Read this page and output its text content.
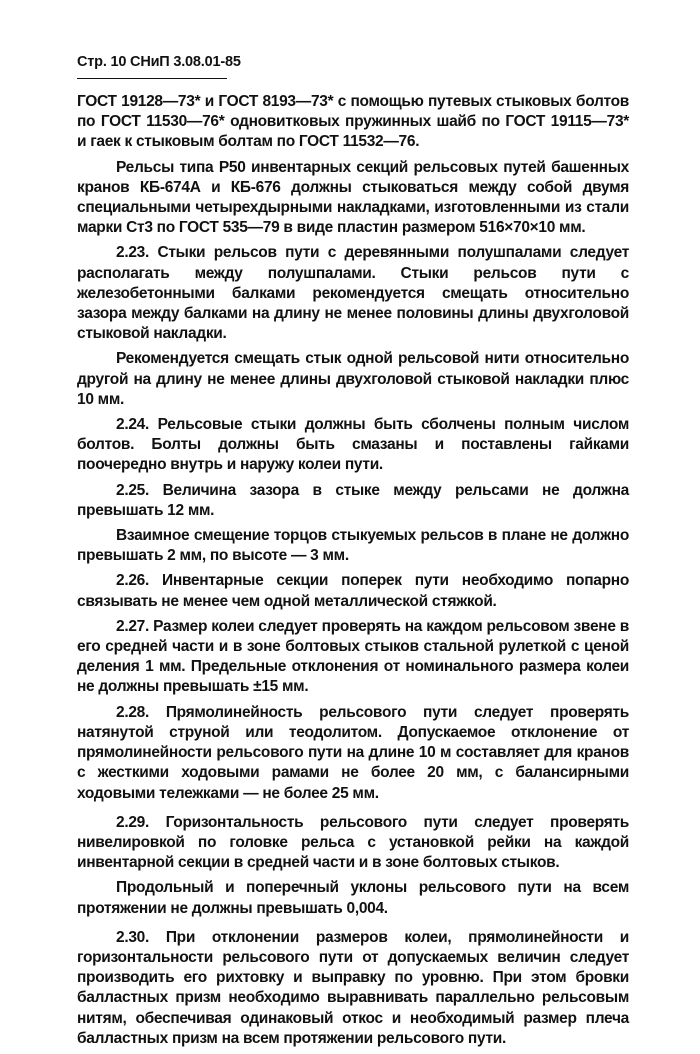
Стр. 10 СНиП 3.08.01-85

ГОСТ 19128—73* и ГОСТ 8193—73* с помощью путевых стыковых болтов по ГОСТ 11530—76* одновитковых пружинных шайб по ГОСТ 19115—73* и гаек к стыковым болтам по ГОСТ 11532—76.

Рельсы типа Р50 инвентарных секций рельсовых путей башенных кранов КБ-674А и КБ-676 должны стыковаться между собой двумя специальными четырехдырными накладками, изготовленными из стали марки Ст3 по ГОСТ 535—79 в виде пластин размером 516×70×10 мм.

2.23. Стыки рельсов пути с деревянными полушпалами следует располагать между полушпалами. Стыки рельсов пути с железобетонными балками рекомендуется смещать относительно зазора между балками на длину не менее половины длины двухголовой стыковой накладки.

Рекомендуется смещать стык одной рельсовой нити относительно другой на длину не менее длины двухголовой стыковой накладки плюс 10 мм.

2.24. Рельсовые стыки должны быть сболчены полным числом болтов. Болты должны быть смазаны и поставлены гайками поочередно внутрь и наружу колеи пути.

2.25. Величина зазора в стыке между рельсами не должна превышать 12 мм.

Взаимное смещение торцов стыкуемых рельсов в плане не должно превышать 2 мм, по высоте — 3 мм.

2.26. Инвентарные секции поперек пути необходимо попарно связывать не менее чем одной металлической стяжкой.

2.27. Размер колеи следует проверять на каждом рельсовом звене в его средней части и в зоне болтовых стыков стальной рулеткой с ценой деления 1 мм. Предельные отклонения от номинального размера колеи не должны превышать ±15 мм.

2.28. Прямолинейность рельсового пути следует проверять натянутой струной или теодолитом. Допускаемое отклонение от прямолинейности рельсового пути на длине 10 м составляет для кранов с жесткими ходовыми рамами не более 20 мм, с балансирными ходовыми тележками — не более 25 мм.

2.29. Горизонтальность рельсового пути следует проверять нивелировкой по головке рельса с установкой рейки на каждой инвентарной секции в средней части и в зоне болтовых стыков.

Продольный и поперечный уклоны рельсового пути на всем протяжении не должны превышать 0,004.

2.30. При отклонении размеров колеи, прямолинейности и горизонтальности рельсового пути от допускаемых величин следует производить его рихтовку и выправку по уровню. При этом бровки балластных призм необходимо выравнивать параллельно рельсовым нитям, обеспечивая одинаковый откос и необходимый размер плеча балластных призм на всем протяжении рельсового пути.
